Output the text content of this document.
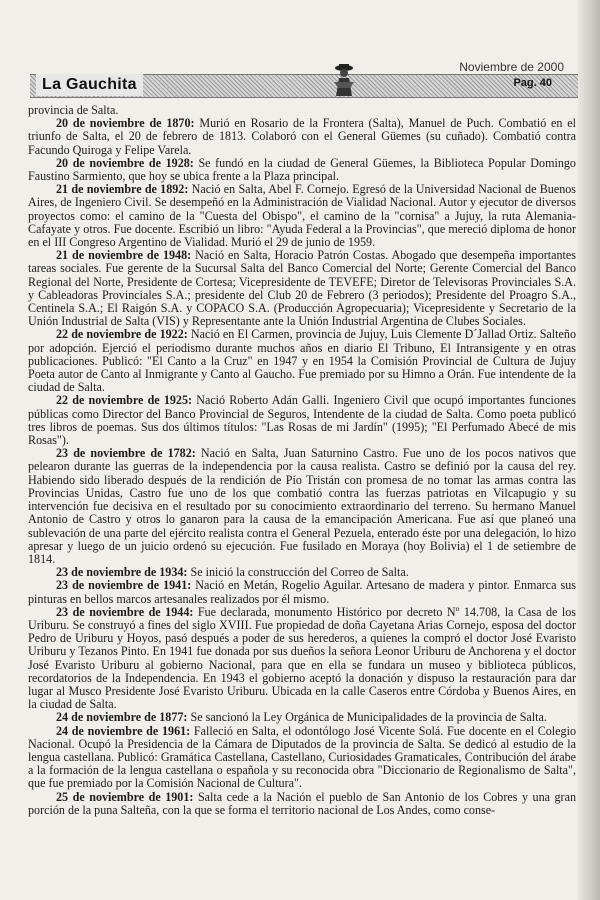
Noviembre de 2000
La Gauchita	Pag. 40

provincia de Salta.

20 de noviembre de 1870: Murió en Rosario de la Frontera (Salta), Manuel de Puch. Combatió en el triunfo de Salta, el 20 de febrero de 1813. Colaboró con el General Güemes (su cuñado). Combatió contra Facundo Quiroga y Felipe Varela.

20 de noviembre de 1928: Se fundó en la ciudad de General Güemes, la Biblioteca Popular Domingo Faustino Sarmiento, que hoy se ubica frente a la Plaza principal.

21 de noviembre de 1892: Nació en Salta, Abel F. Cornejo. Egresó de la Universidad Nacional de Buenos Aires, de Ingeniero Civil. Se desempeñó en la Administración de Vialidad Nacional. Autor y ejecutor de diversos proyectos como: el camino de la "Cuesta del Obispo", el camino de la "cornisa" a Jujuy, la ruta Alemania-Cafayate y otros. Fue docente. Escribió un libro: "Ayuda Federal a la Provincias", que mereció diploma de honor en el III Congreso Argentino de Vialidad. Murió el 29 de junio de 1959.

21 de noviembre de 1948: Nació en Salta, Horacio Patrón Costas. Abogado que desempeña importantes tareas sociales. Fue gerente de la Sucursal Salta del Banco Comercial del Norte; Gerente Comercial del Banco Regional del Norte, Presidente de Cortesa; Vicepresidente de TEVEFE; Diretor de Televisoras Provinciales S.A. y Cableadoras Provinciales S.A.; presidente del Club 20 de Febrero (3 periodos); Presidente del Proagro S.A., Centinela S.A.; El Raigón S.A. y COPACO S.A. (Producción Agropecuaria); Vicepresidente y Secretario de la Unión Industrial de Salta (VIS) y Representante ante la Unión Industrial Argentina de Clubes Sociales.

22 de noviembre de 1922: Nació en El Carmen, provincia de Jujuy, Luis Clemente D´Jallad Ortiz. Salteño por adopción. Ejerció el periodismo durante muchos años en diario El Tribuno, El Intransigente y en otras publicaciones. Publicó: "El Canto a la Cruz" en 1947 y en 1954 la Comisión Provincial de Cultura de Jujuy Poeta autor de Canto al Inmigrante y Canto al Gaucho. Fue premiado por su Himno a Orán. Fue intendente de la ciudad de Salta.

22 de noviembre de 1925: Nació Roberto Adán Galli. Ingeniero Civil que ocupó importantes funciones públicas como Director del Banco Provincial de Seguros, Intendente de la ciudad de Salta. Como poeta publicó tres libros de poemas. Sus dos últimos títulos: "Las Rosas de mi Jardín" (1995); "El Perfumado Abecé de mis Rosas").

23 de noviembre de 1782: Nació en Salta, Juan Saturnino Castro. Fue uno de los pocos nativos que pelearon durante las guerras de la independencia por la causa realista. Castro se definió por la causa del rey. Habiendo sido liberado después de la rendición de Pío Tristán con promesa de no tomar las armas contra las Provincias Unidas, Castro fue uno de los que combatió contra las fuerzas patriotas en Vilcapugio y su intervención fue decisiva en el resultado por su conocimiento extraordinario del terreno. Su hermano Manuel Antonio de Castro y otros lo ganaron para la causa de la emancipación Americana. Fue así que planeó una sublevación de una parte del ejército realista contra el General Pezuela, enterado éste por una delegación, lo hizo apresar y luego de un juicio ordenó su ejecución. Fue fusilado en Moraya (hoy Bolivia) el 1 de setiembre de 1814.

23 de noviembre de 1934: Se inició la construcción del Correo de Salta.

23 de noviembre de 1941: Nació en Metán, Rogelio Aguilar. Artesano de madera y pintor. Enmarca sus pinturas en bellos marcos artesanales realizados por él mismo.

23 de noviembre de 1944: Fue declarada, monumento Histórico por decreto Nº 14.708, la Casa de los Uriburu. Se construyó a fines del siglo XVIII. Fue propiedad de doña Cayetana Arias Cornejo, esposa del doctor Pedro de Uriburu y Hoyos, pasó después a poder de sus herederos, a quienes la compró el doctor José Evaristo Uriburu y Tezanos Pinto. En 1941 fue donada por sus dueños la señora Leonor Uriburu de Anchorena y el doctor José Evaristo Uriburu al gobierno Nacional, para que en ella se fundara un museo y biblioteca públicos, recordatorios de la Independencia. En 1943 el gobierno aceptó la donación y dispuso la restauración para dar lugar al Musco Presidente José Evaristo Uriburu. Ubicada en la calle Caseros entre Córdoba y Buenos Aires, en la ciudad de Salta.

24 de noviembre de 1877: Se sancionó la Ley Orgánica de Municipalidades de la provincia de Salta.

24 de noviembre de 1961: Falleció en Salta, el odontólogo José Vicente Solá. Fue docente en el Colegio Nacional. Ocupó la Presidencia de la Cámara de Diputados de la provincia de Salta. Se dedicó al estudio de la lengua castellana. Publicó: Gramática Castellana, Castellano, Curiosidades Gramaticales, Contribución del árabe a la formación de la lengua castellana o española y su reconocida obra "Diccionario de Regionalismo de Salta", que fue premiado por la Comisión Nacional de Cultura".

25 de noviembre de 1901: Salta cede a la Nación el pueblo de San Antonio de los Cobres y una gran porción de la puna Salteña, con la que se forma el territorio nacional de Los Andes, como conse-
